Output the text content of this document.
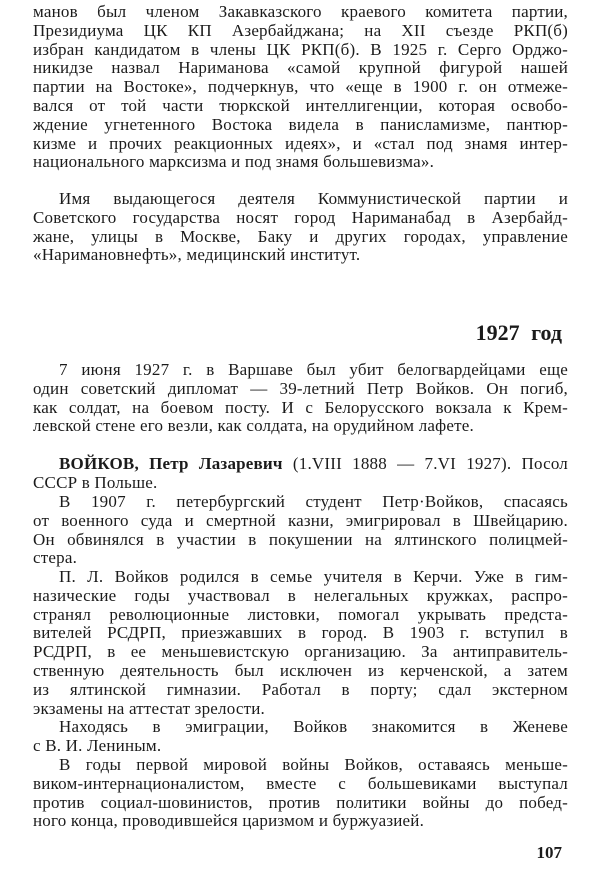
1927 год
107
манов был членом Закавказского краевого комитета партии,
Президиума ЦК КП Азербайджана; на XII съезде РКП(б)
избран кандидатом в члены ЦК РКП(б). В 1925 г. Серго Орджо-
никидзе назвал Нариманова «самой крупной фигурой нашей
партии на Востоке», подчеркнув, что «еще в 1900 г. он отмеже-
вался от той части тюркской интеллигенции, которая освобо-
ждение угнетенного Востока видела в панисламизме, пантюр-
кизме и прочих реакционных идеях», и «стал под знамя интер-
национального марксизма и под знамя большевизма».
Имя выдающегося деятеля Коммунистической партии и
Советского государства носят город Нариманабад в Азербайд-
жане, улицы в Москве, Баку и других городах, управление
«Наримановнефть», медицинский институт.
7 июня 1927 г. в Варшаве был убит белогвардейцами еще
один советский дипломат — 39-летний Петр Войков. Он погиб,
как солдат, на боевом посту. И с Белорусского вокзала к Крем-
левской стене его везли, как солдата, на орудийном лафете.
ВОЙКОВ, Петр Лазаревич (1.VIII 1888 — 7.VI 1927). Посол
СССР в Польше.
В 1907 г. петербургский студент Петр·Войков, спасаясь
от военного суда и смертной казни, эмигрировал в Швейцарию.
Он обвинялся в участии в покушении на ялтинского полицмей-
стера.
П. Л. Войков родился в семье учителя в Керчи. Уже в гим-
назические годы участвовал в нелегальных кружках, распро-
странял революционные листовки, помогал укрывать предста-
вителей РСДРП, приезжавших в город. В 1903 г. вступил в
РСДРП, в ее меньшевистскую организацию. За антиправитель-
ственную деятельность был исключен из керченской, а затем
из ялтинской гимназии. Работал в порту; сдал экстерном
экзамены на аттестат зрелости.
Находясь в эмиграции, Войков знакомится в Женеве
с В. И. Лениным.
В годы первой мировой войны Войков, оставаясь меньше-
виком-интернационалистом, вместе с большевиками выступал
против социал-шовинистов, против политики войны до побед-
ного конца, проводившейся царизмом и буржуазией.
